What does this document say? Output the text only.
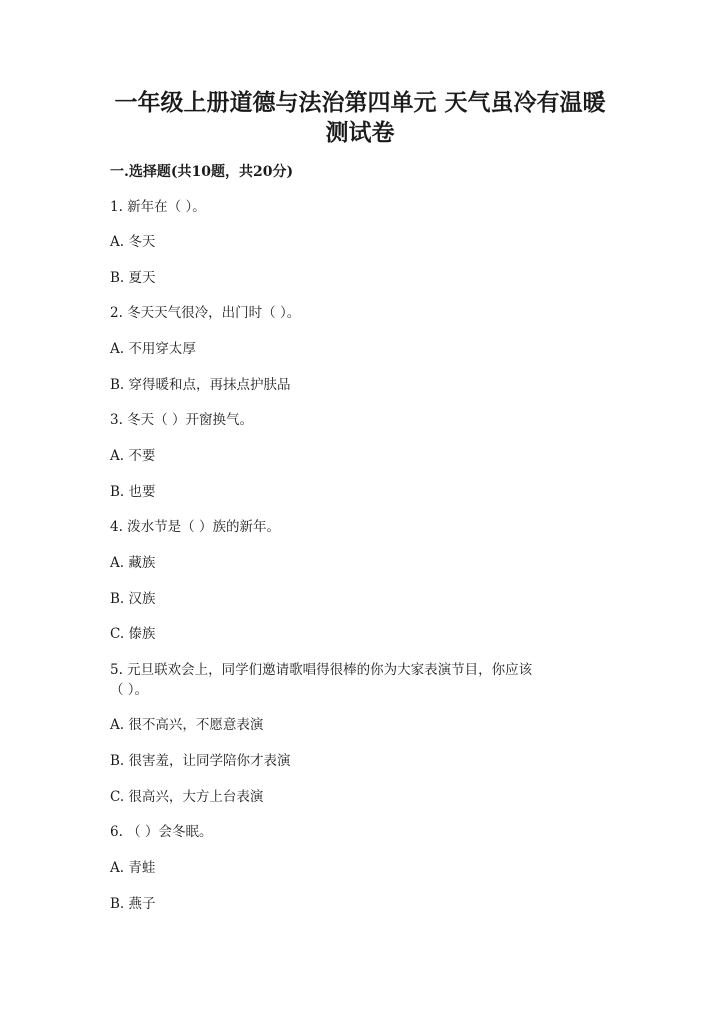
一年级上册道德与法治第四单元 天气虽冷有温暖
测试卷
一.选择题(共10题，共20分)
1. 新年在（ ）。
A. 冬天
B. 夏天
2. 冬天天气很冷，出门时（ ）。
A. 不用穿太厚
B. 穿得暖和点，再抹点护肤品
3. 冬天（ ）开窗换气。
A. 不要
B. 也要
4. 泼水节是（ ）族的新年。
A. 藏族
B. 汉族
C. 傣族
5. 元旦联欢会上，同学们邀请歌唱得很棒的你为大家表演节目，你应该
（ ）。
A. 很不高兴，不愿意表演
B. 很害羞，让同学陪你才表演
C. 很高兴，大方上台表演
6. （ ）会冬眠。
A. 青蛙
B. 燕子
